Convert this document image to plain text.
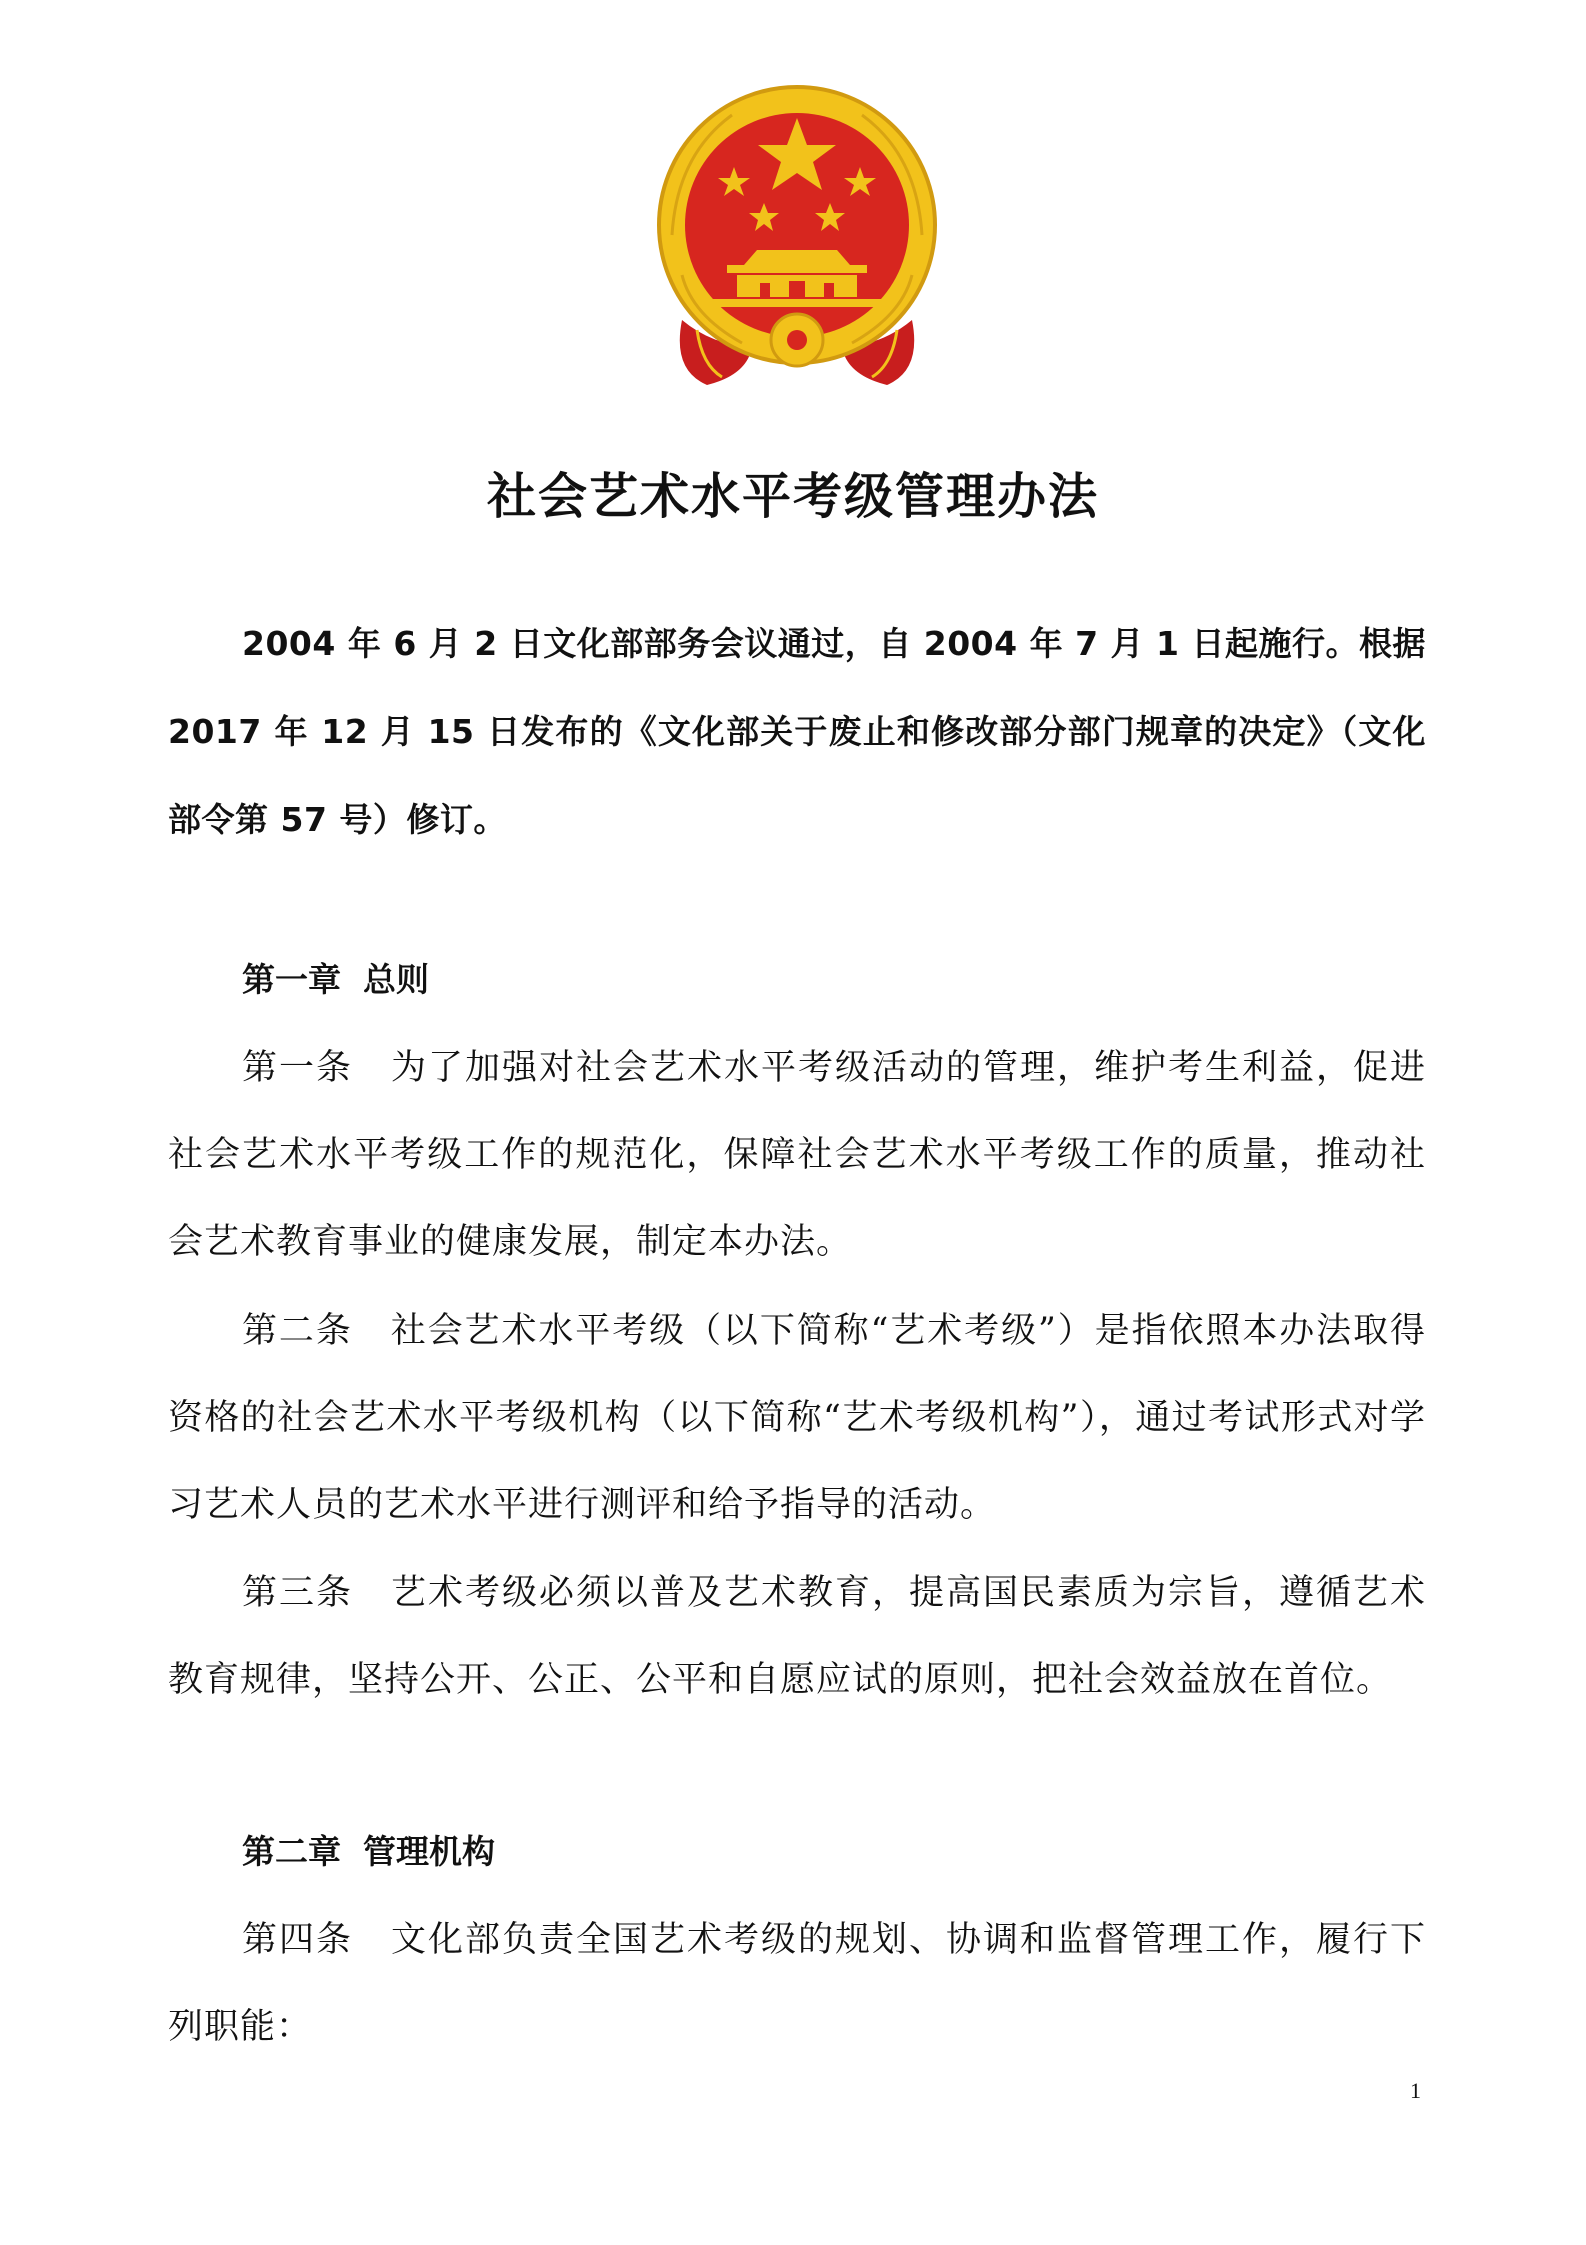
社会艺术水平考级管理办法
2004 年 6 月 2 日文化部部务会议通过，自 2004 年 7 月 1 日起施行。根据 2017 年 12 月 15 日发布的《文化部关于废止和修改部分部门规章的决定》（文化部令第 57 号）修订。
第一章 总则
第一条 为了加强对社会艺术水平考级活动的管理，维护考生利益，促进社会艺术水平考级工作的规范化，保障社会艺术水平考级工作的质量，推动社会艺术教育事业的健康发展，制定本办法。
第二条 社会艺术水平考级（以下简称“艺术考级”）是指依照本办法取得资格的社会艺术水平考级机构（以下简称“艺术考级机构”），通过考试形式对学习艺术人员的艺术水平进行测评和给予指导的活动。
第三条 艺术考级必须以普及艺术教育，提高国民素质为宗旨，遵循艺术教育规律，坚持公开、公正、公平和自愿应试的原则，把社会效益放在首位。
第二章 管理机构
第四条 文化部负责全国艺术考级的规划、协调和监督管理工作，履行下列职能：
1
